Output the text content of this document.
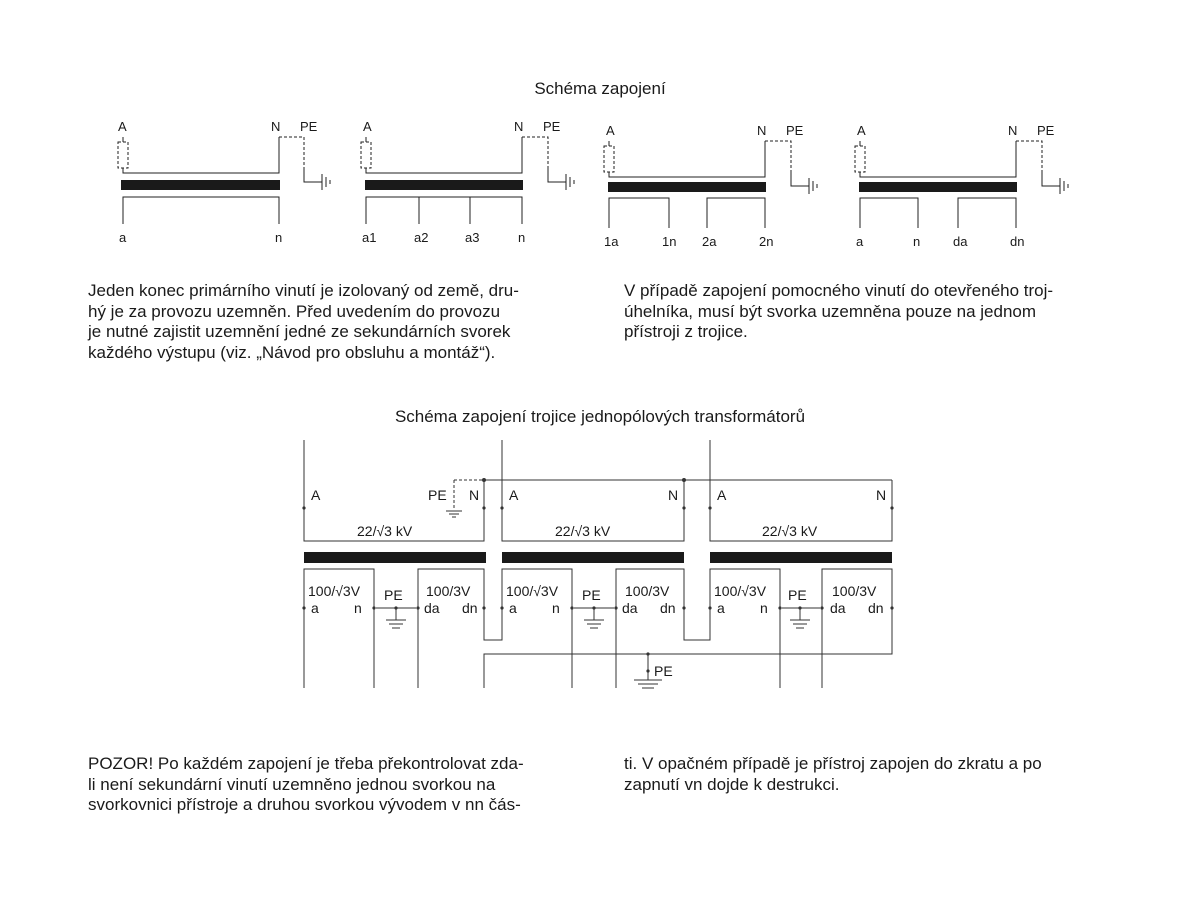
Schéma zapojení
A	N PE
a	n
A	N PE
a1	a2	a3	n
A	N PE
1a	1n 2a	2n
A	N PE
a	n	da	dn
A	PE N
22/√3 kV
100/√3V PE 100/3V
a	n	da dn
A	N
22/√3 kV
100/√3V PE 100/3V
a	n	da dn
A	N
22/√3 kV
100/√3V PE 100/3V
a	n	da dn
PE
Jeden konec primárního vinutí je izolovaný od země, dru-
hý je za provozu uzemněn. Před uvedením do provozu
je nutné zajistit uzemnění jedné ze sekundárních svorek
každého výstupu (viz. „Návod pro obsluhu a montáž“).
V případě zapojení pomocného vinutí do otevřeného troj-
úhelníka, musí být svorka uzemněna pouze na jednom
přístroji z trojice.
Schéma zapojení trojice jednopólových transformátorů
POZOR! Po každém zapojení je třeba překontrolovat zda-
li není sekundární vinutí uzemněno jednou svorkou na
svorkovnici přístroje a druhou svorkou vývodem v nn čás-
ti. V opačném případě je přístroj zapojen do zkratu a po
zapnutí vn dojde k destrukci.
